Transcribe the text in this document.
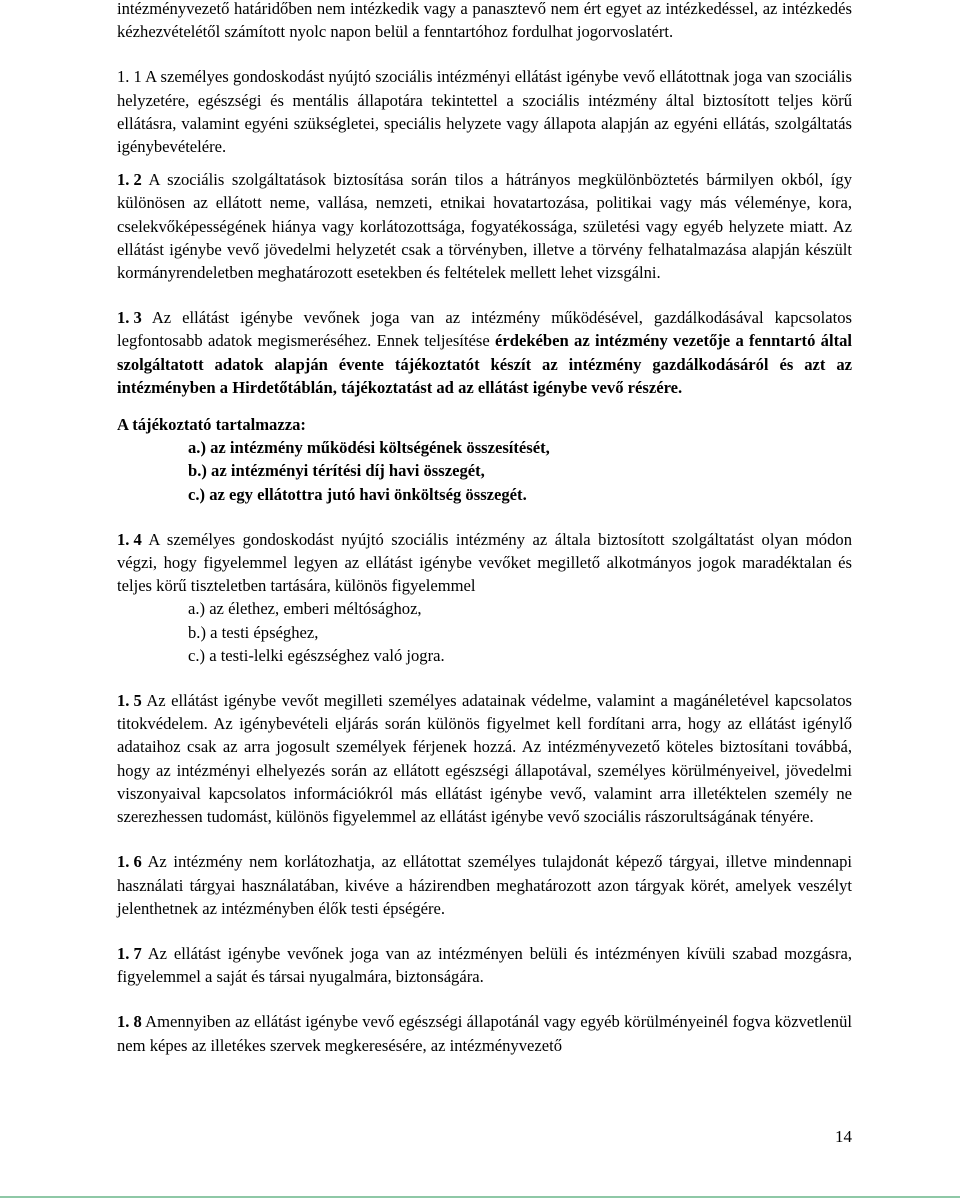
intézményvezető határidőben nem intézkedik vagy a panasztevő nem ért egyet az intézkedéssel, az intézkedés kézhezvételétől számított nyolc napon belül a fenntartóhoz fordulhat jogorvoslatért.

1. 1 A személyes gondoskodást nyújtó szociális intézményi ellátást igénybe vevő ellátottnak joga van szociális helyzetére, egészségi és mentális állapotára tekintettel a szociális intézmény által biztosított teljes körű ellátásra, valamint egyéni szükségletei, speciális helyzete vagy állapota alapján az egyéni ellátás, szolgáltatás igénybevételére.

1. 2 A szociális szolgáltatások biztosítása során tilos a hátrányos megkülönböztetés bármilyen okból, így különösen az ellátott neme, vallása, nemzeti, etnikai hovatartozása, politikai vagy más véleménye, kora, cselekvőképességének hiánya vagy korlátozottsága, fogyatékossága, születési vagy egyéb helyzete miatt. Az ellátást igénybe vevő jövedelmi helyzetét csak a törvényben, illetve a törvény felhatalmazása alapján készült kormányrendeletben meghatározott esetekben és feltételek mellett lehet vizsgálni.

1. 3 Az ellátást igénybe vevőnek joga van az intézmény működésével, gazdálkodásával kapcsolatos legfontosabb adatok megismeréséhez. Ennek teljesítése érdekében az intézmény vezetője a fenntartó által szolgáltatott adatok alapján évente tájékoztatót készít az intézmény gazdálkodásáról és azt az intézményben a Hirdetőtáblán, tájékoztatást ad az ellátást igénybe vevő részére.

A tájékoztató tartalmazza:

a.) az intézmény működési költségének összesítését,
b.) az intézményi térítési díj havi összegét,
c.) az egy ellátottra jutó havi önköltség összegét.

1. 4 A személyes gondoskodást nyújtó szociális intézmény az általa biztosított szolgáltatást olyan módon végzi, hogy figyelemmel legyen az ellátást igénybe vevőket megillető alkotmányos jogok maradéktalan és teljes körű tiszteletben tartására, különös figyelemmel

a.) az élethez, emberi méltósághoz,
b.) a testi épséghez,
c.) a testi-lelki egészséghez való jogra.

1. 5 Az ellátást igénybe vevőt megilleti személyes adatainak védelme, valamint a magánéletével kapcsolatos titokvédelem. Az igénybevételi eljárás során különös figyelmet kell fordítani arra, hogy az ellátást igénylő adataihoz csak az arra jogosult személyek férjenek hozzá. Az intézményvezető köteles biztosítani továbbá, hogy az intézményi elhelyezés során az ellátott egészségi állapotával, személyes körülményeivel, jövedelmi viszonyaival kapcsolatos információkról más ellátást igénybe vevő, valamint arra illetéktelen személy ne szerezhessen tudomást, különös figyelemmel az ellátást igénybe vevő szociális rászorultságának tényére.

1. 6 Az intézmény nem korlátozhatja, az ellátottat személyes tulajdonát képező tárgyai, illetve mindennapi használati tárgyai használatában, kivéve a házirendben meghatározott azon tárgyak körét, amelyek veszélyt jelenthetnek az intézményben élők testi épségére.

1. 7 Az ellátást igénybe vevőnek joga van az intézményen belüli és intézményen kívüli szabad mozgásra, figyelemmel a saját és társai nyugalmára, biztonságára.

1. 8 Amennyiben az ellátást igénybe vevő egészségi állapotánál vagy egyéb körülményeinél fogva közvetlenül nem képes az illetékes szervek megkeresésére, az intézményvezető

14
